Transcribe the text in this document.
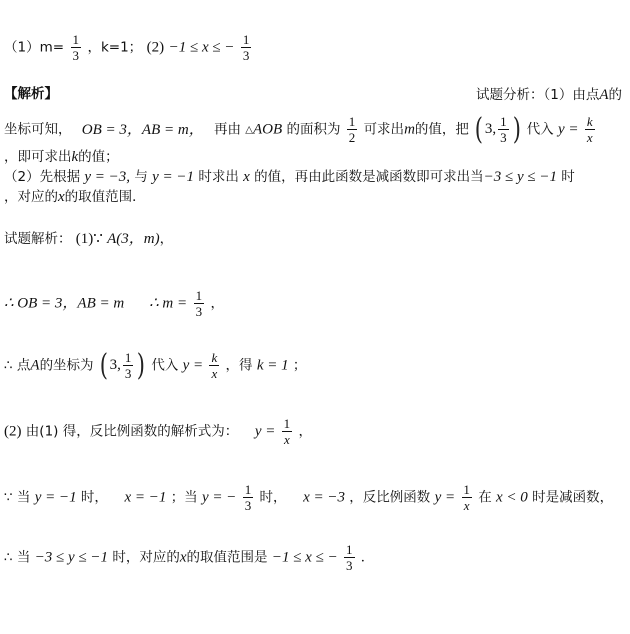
$(1)m= \frac{1}{3}$ ，k=1； (2) −1 ≤ x ≤ − $\frac{1}{3}$
【解析】	试题分析：（1）由点A的
坐标可知， OB = 3，AB = m， 再由 △AOB 的面积为 $\frac{1}{2}$ 可求出m的值，把 ( 3, $\frac{1}{3}$ ) 代入 $y = \frac{k}{x}$
，即可求出k的值；
（2）先根据 y = −3, 与 y = −1 时求出 x 的值，再由此函数是减函数即可求出当−3 ≤ y ≤ −1 时
，对应的x的取值范围．
试题解析： (1)∵ A(3，m)，
∴ OB = 3，AB = m ∴ $m = \frac{1}{3}$ ，
∴ 点A的坐标为 ( 3, $\frac{1}{3}$ ) 代入 $y = \frac{k}{x}$ ，得 k = 1 ；
(2) 由(1) 得，反比例函数的解析式为： $y = \frac{1}{x}$ ，
∵ 当 y = −1 时， x = −1 ；当 y = − $\frac{1}{3}$ 时， x = −3 ，反比例函数 $y = \frac{1}{x}$ 在 x < 0 时是减函数，
∴ 当 −3 ≤ y ≤ −1 时，对应的x的取值范围是 −1 ≤ x ≤ − $\frac{1}{3}$ ．
